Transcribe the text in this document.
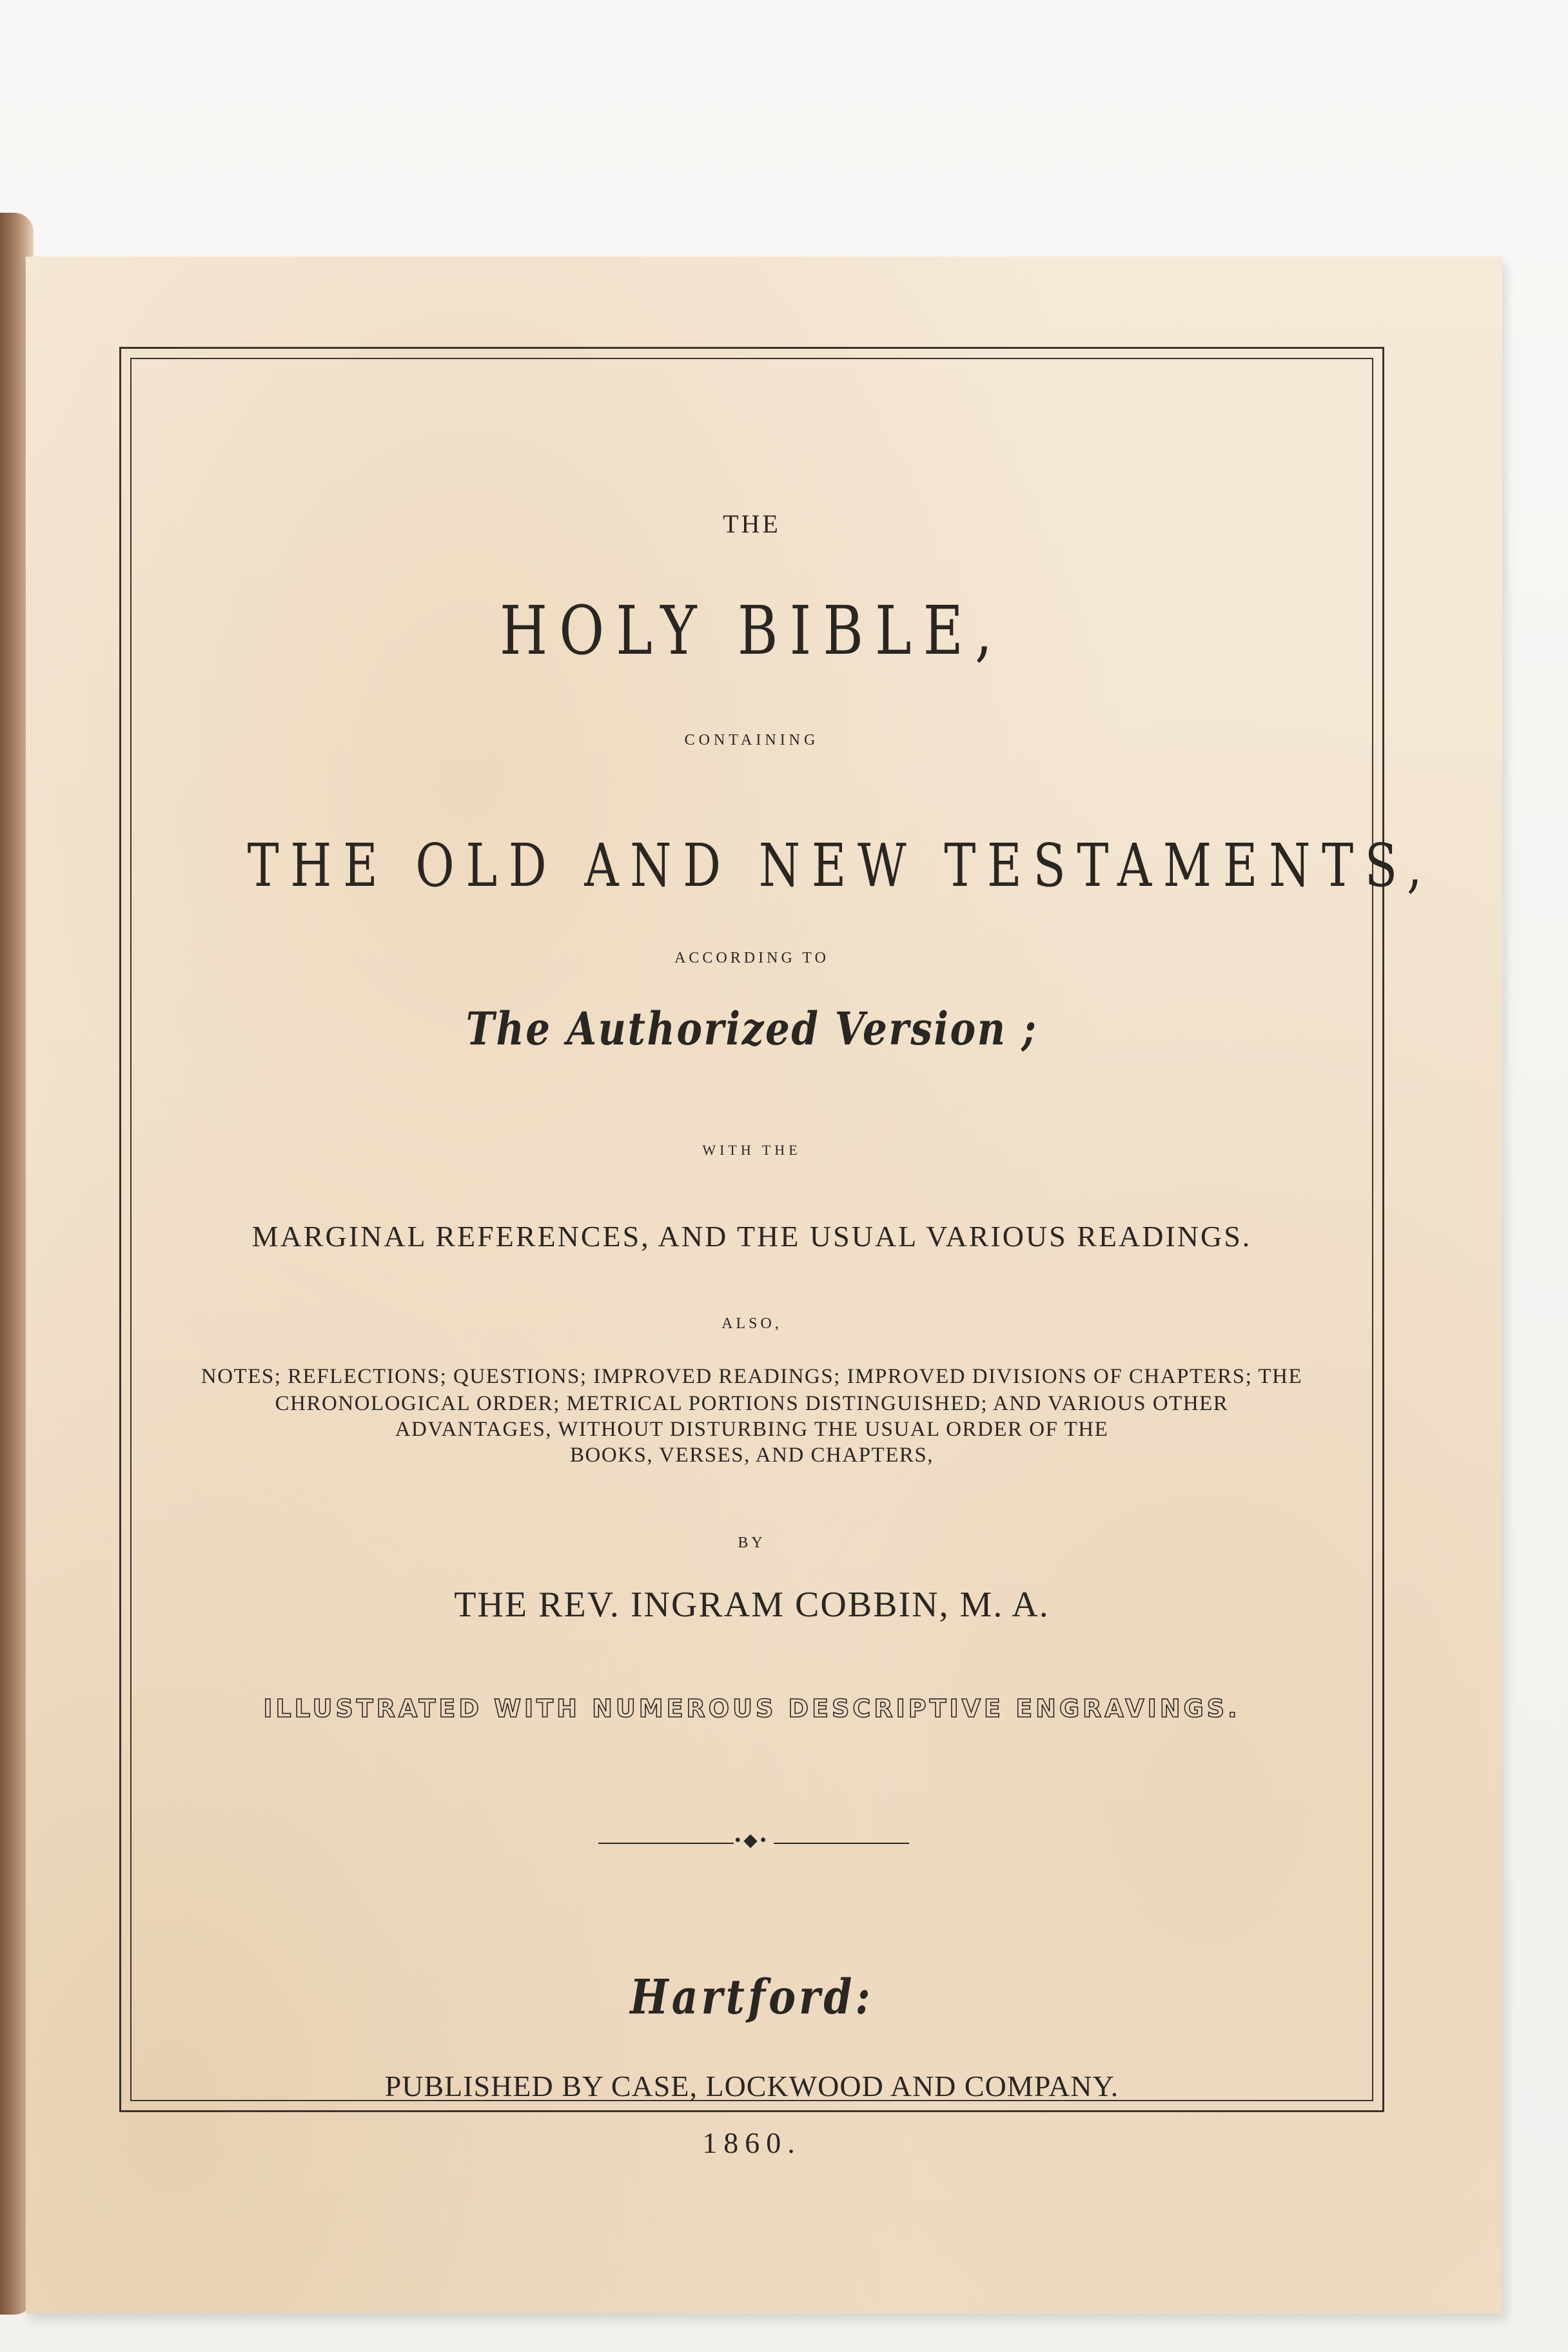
THE
HOLY BIBLE,
CONTAINING
THE OLD AND NEW TESTAMENTS,
ACCORDING TO
The Authorized Version ;
WITH THE
MARGINAL REFERENCES, AND THE USUAL VARIOUS READINGS.
ALSO,
NOTES; REFLECTIONS; QUESTIONS; IMPROVED READINGS; IMPROVED DIVISIONS OF CHAPTERS; THE
CHRONOLOGICAL ORDER; METRICAL PORTIONS DISTINGUISHED; AND VARIOUS OTHER
ADVANTAGES, WITHOUT DISTURBING THE USUAL ORDER OF THE
BOOKS, VERSES, AND CHAPTERS,
BY
THE REV. INGRAM COBBIN, M. A.
ILLUSTRATED WITH NUMEROUS DESCRIPTIVE ENGRAVINGS.
•◆•
Hartford:
PUBLISHED BY CASE, LOCKWOOD AND COMPANY.
1860.
